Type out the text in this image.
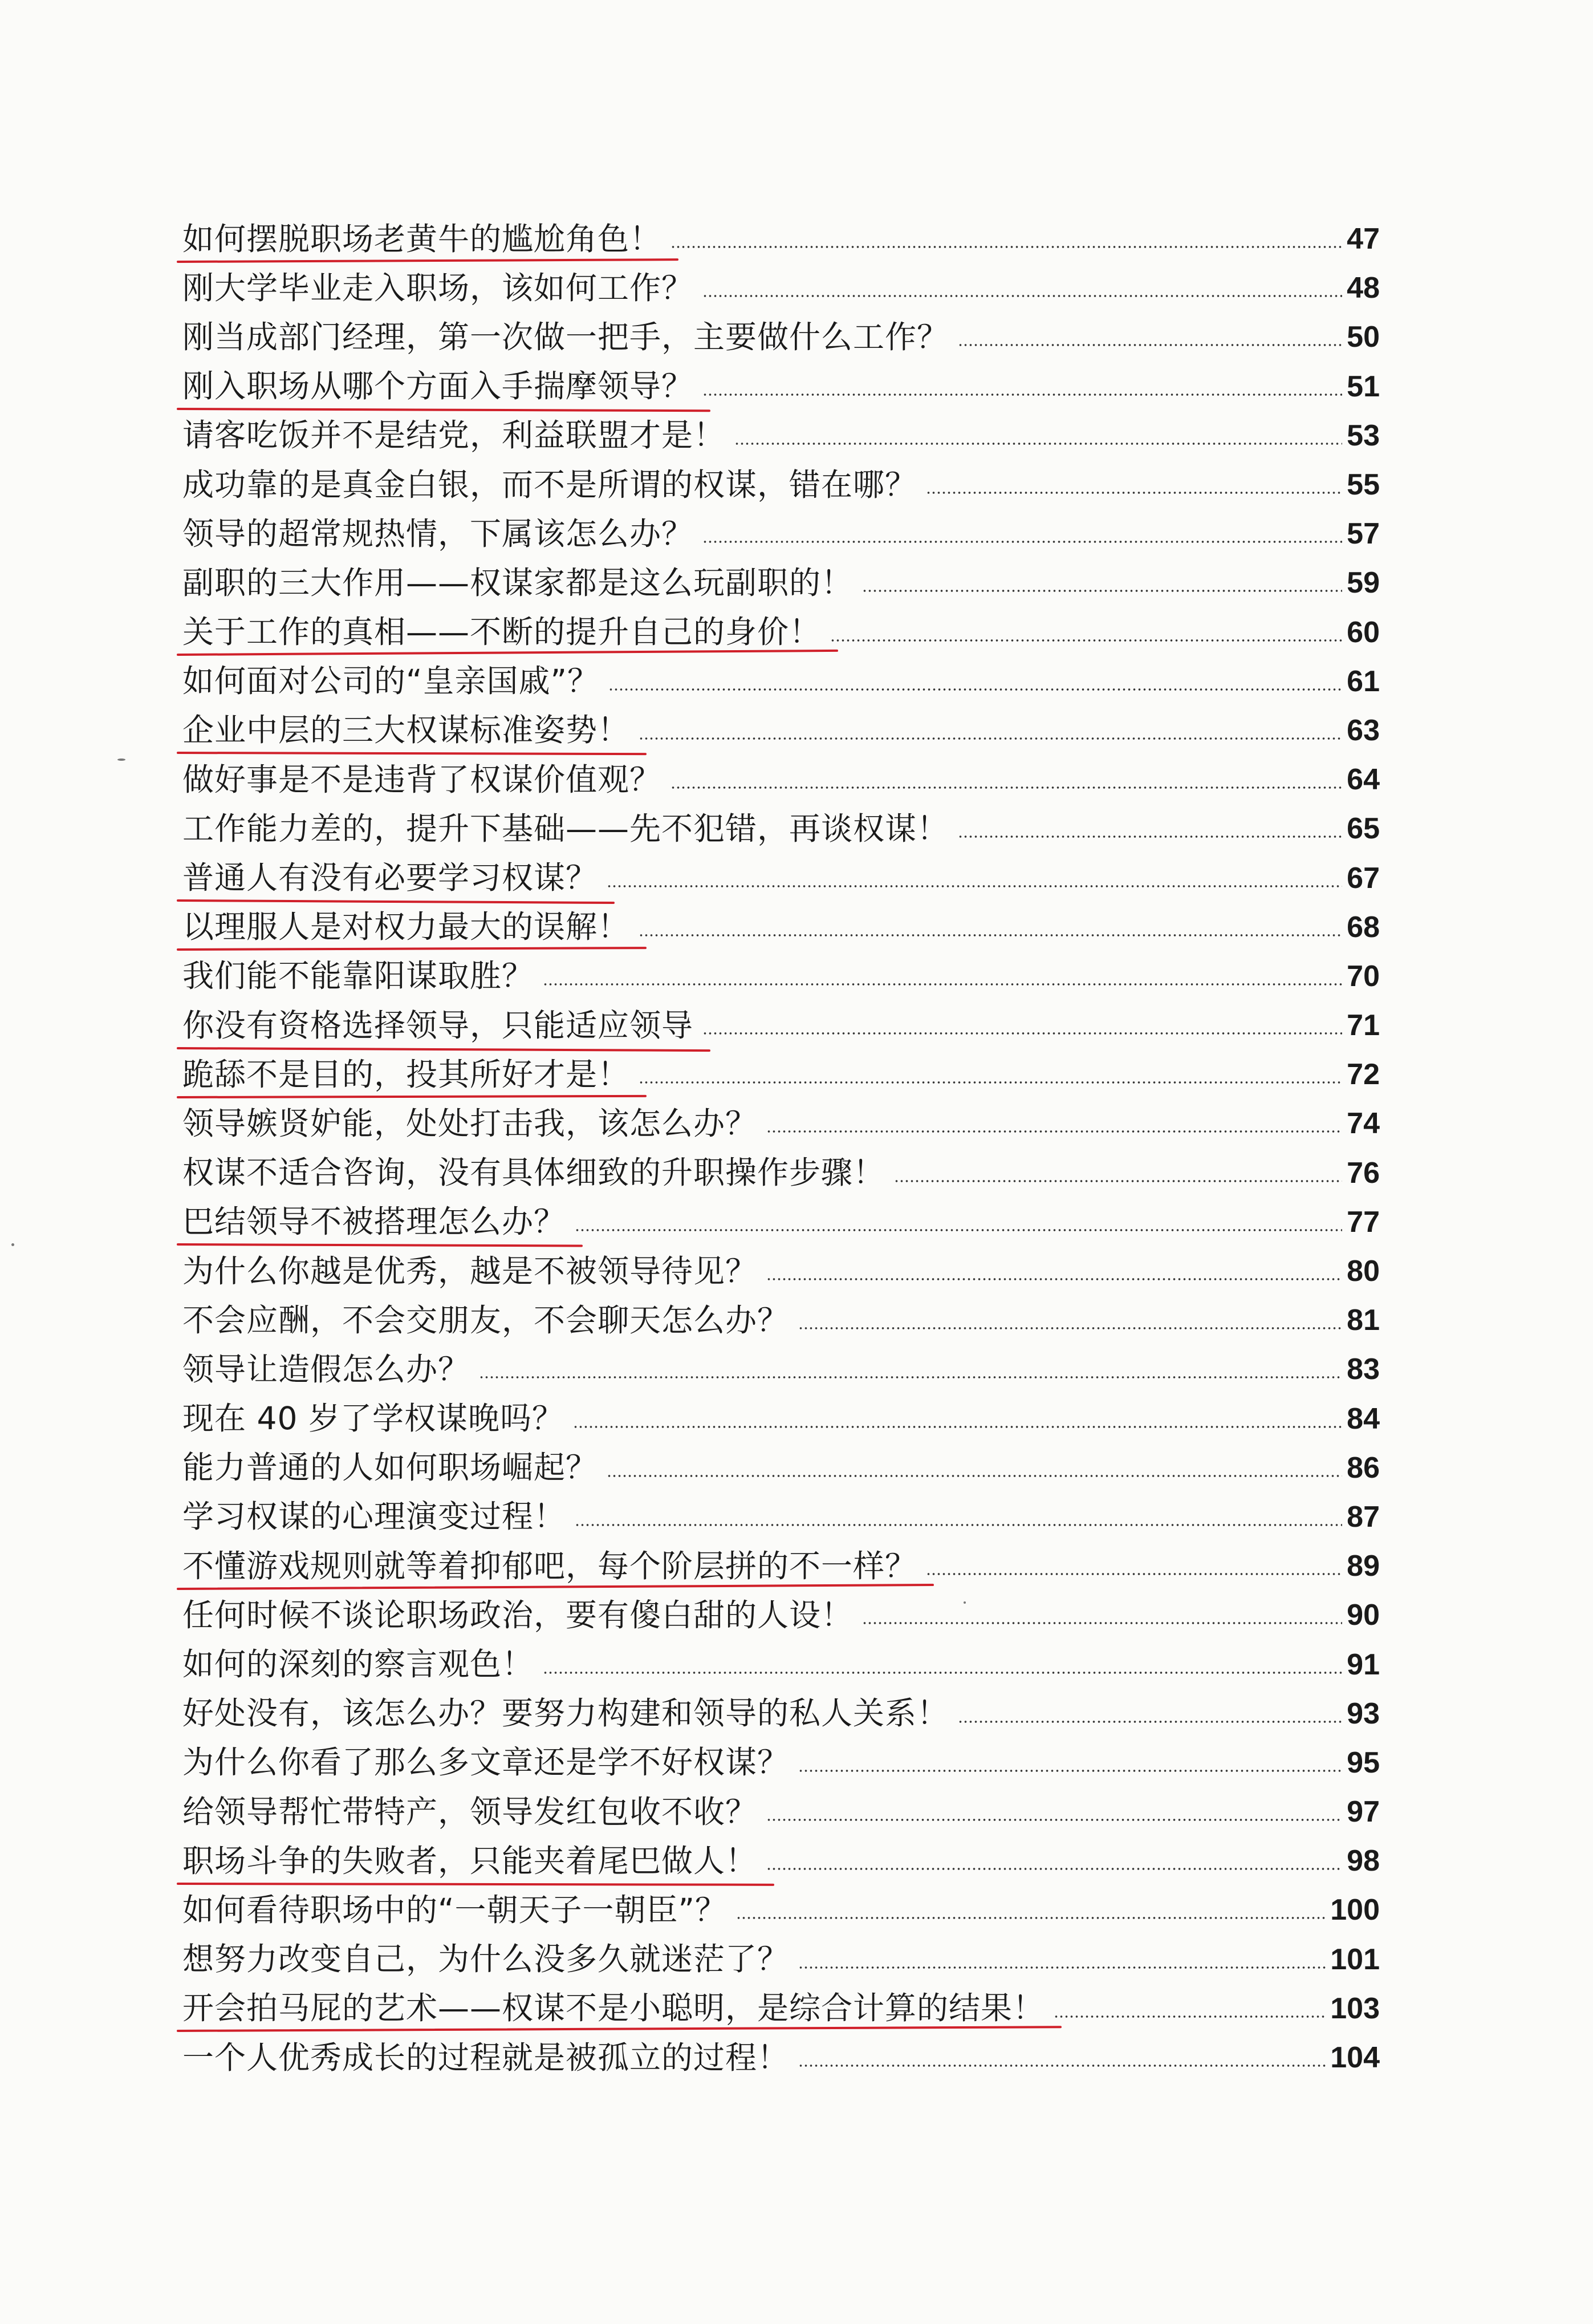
如何摆脱职场老黄牛的尴尬角色！	47
刚大学毕业走入职场，该如何工作？	48
刚当成部门经理，第一次做一把手，主要做什么工作？	50
刚入职场从哪个方面入手揣摩领导？	51
请客吃饭并不是结党，利益联盟才是！	53
成功靠的是真金白银，而不是所谓的权谋，错在哪？	55
领导的超常规热情，下属该怎么办？	57
副职的三大作用——权谋家都是这么玩副职的！	59
关于工作的真相——不断的提升自己的身价！	60
如何面对公司的“皇亲国戚”？	61
企业中层的三大权谋标准姿势！	63
做好事是不是违背了权谋价值观？	64
工作能力差的，提升下基础——先不犯错，再谈权谋！	65
普通人有没有必要学习权谋？	67
以理服人是对权力最大的误解！	68
我们能不能靠阳谋取胜？	70
你没有资格选择领导，只能适应领导	71
跪舔不是目的，投其所好才是！	72
领导嫉贤妒能，处处打击我，该怎么办？	74
权谋不适合咨询，没有具体细致的升职操作步骤！	76
巴结领导不被搭理怎么办？	77
为什么你越是优秀，越是不被领导待见？	80
不会应酬，不会交朋友，不会聊天怎么办？	81
领导让造假怎么办？	83
现在 40 岁了学权谋晚吗？	84
能力普通的人如何职场崛起？	86
学习权谋的心理演变过程！	87
不懂游戏规则就等着抑郁吧，每个阶层拼的不一样？	89
任何时候不谈论职场政治，要有傻白甜的人设！	90
如何的深刻的察言观色！	91
好处没有，该怎么办？要努力构建和领导的私人关系！	93
为什么你看了那么多文章还是学不好权谋？	95
给领导帮忙带特产，领导发红包收不收？	97
职场斗争的失败者，只能夹着尾巴做人！	98
如何看待职场中的“一朝天子一朝臣”？	100
想努力改变自己，为什么没多久就迷茫了？	101
开会拍马屁的艺术——权谋不是小聪明，是综合计算的结果！	103
一个人优秀成长的过程就是被孤立的过程！	104
